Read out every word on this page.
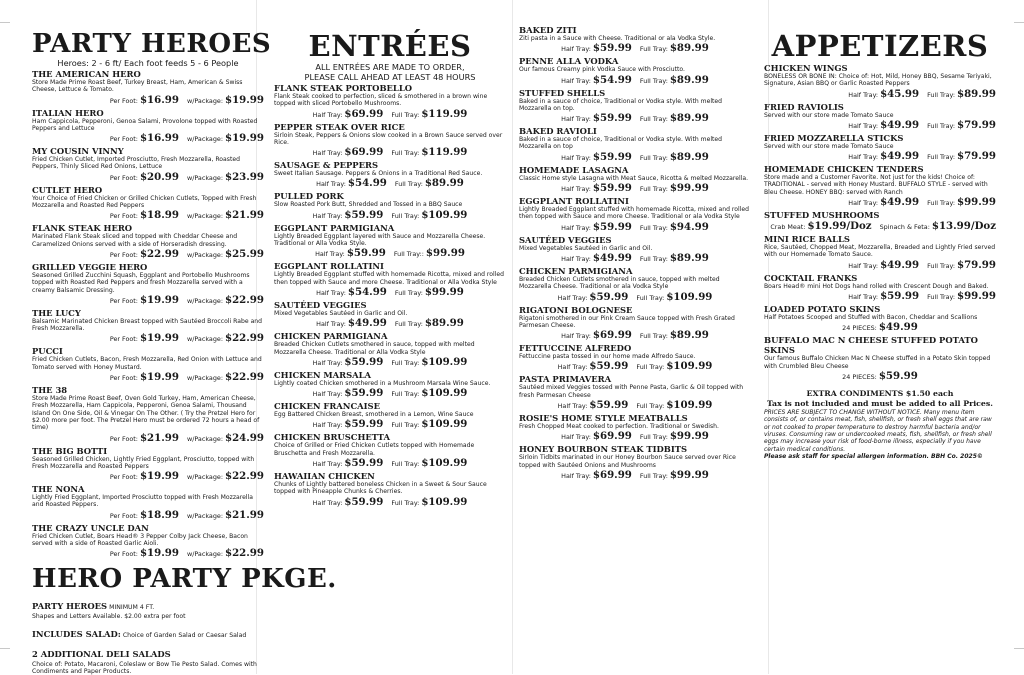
PARTY HEROES
Heroes: 2 - 6 ft/ Each foot feeds 5 - 6 People
THE AMERICAN HERO
Store Made Prime Roast Beef, Turkey Breast, Ham, American & Swiss Cheese, Lettuce & Tomato.
Per Foot: $16.99 w/Package: $19.99
ITALIAN HERO
Ham Cappicola, Pepperoni, Genoa Salami, Provolone topped with Roasted Peppers and Lettuce
Per Foot: $16.99 w/Package: $19.99
MY COUSIN VINNY
Fried Chicken Cutlet, Imported Prosciutto, Fresh Mozzarella, Roasted Peppers, Thinly Sliced Red Onions, Lettuce
Per Foot: $20.99 w/Package: $23.99
CUTLET HERO
Your Choice of Fried Chicken or Grilled Chicken Cutlets, Topped with Fresh Mozzarella and Roasted Red Peppers
Per Foot: $18.99 w/Package: $21.99
FLANK STEAK HERO
Marinated Flank Steak sliced and topped with Cheddar Cheese and Caramelized Onions served with a side of Horseradish dressing.
Per Foot: $22.99 w/Package: $25.99
GRILLED VEGGIE HERO
Seasoned Grilled Zucchini Squash, Eggplant and Portobello Mushrooms topped with Roasted Red Peppers and fresh Mozzarella served with a creamy Balsamic Dressing.
Per Foot: $19.99 w/Package: $22.99
THE LUCY
Balsamic Marinated Chicken Breast topped with Sautéed Broccoli Rabe and Fresh Mozzarella.
Per Foot: $19.99 w/Package: $22.99
PUCCI
Fried Chicken Cutlets, Bacon, Fresh Mozzarella, Red Onion with Lettuce and Tomato served with Honey Mustard.
Per Foot: $19.99 w/Package: $22.99
THE 38
Store Made Prime Roast Beef, Oven Gold Turkey, Ham, American Cheese, Fresh Mozzarella, Ham Cappicola, Pepperoni, Genoa Salami, Thousand Island On One Side, Oil & Vinegar On The Other. ( Try the Pretzel Hero for $2.00 more per foot. The Pretzel Hero must be ordered 72 hours a head of time)
Per Foot: $21.99 w/Package: $24.99
THE BIG BOTTI
Seasoned Grilled Chicken, Lightly Fried Eggplant, Prosciutto, topped with Fresh Mozzarella and Roasted Peppers
Per Foot: $19.99 w/Package: $22.99
THE NONA
Lightly Fried Eggplant, Imported Prosciutto topped with Fresh Mozzarella and Roasted Peppers.
Per Foot: $18.99 w/Package: $21.99
THE CRAZY UNCLE DAN
Fried Chicken Cutlet, Boars Head® 3 Pepper Colby Jack Cheese, Bacon served with a side of Roasted Garlic Aioli.
Per Foot: $19.99 w/Package: $22.99
HERO PARTY PKGE.
PARTY HEROES MINIMUM 4 FT.
Shapes and Letters Available. $2.00 extra per foot
INCLUDES SALAD: Choice of Garden Salad or Caesar Salad
2 ADDITIONAL DELI SALADS
Choice of: Potato, Macaroni, Coleslaw or Bow Tie Pesto Salad. Comes with Condiments and Paper Products.
ENTRÉES
ALL ENTRÉES ARE MADE TO ORDER,
PLEASE CALL AHEAD AT LEAST 48 HOURS
FLANK STEAK PORTOBELLO
Flank Steak cooked to perfection, sliced & smothered in a brown wine topped with sliced Portobello Mushrooms.
Half Tray: $69.99 Full Tray: $119.99
PEPPER STEAK OVER RICE
Sirloin Steak, Peppers & Onions slow cooked in a Brown Sauce served over Rice.
Half Tray: $69.99 Full Tray: $119.99
SAUSAGE & PEPPERS
Sweet Italian Sausage. Peppers & Onions in a Traditional Red Sauce.
Half Tray: $54.99 Full Tray: $89.99
PULLED PORK
Slow Roasted Pork Butt, Shredded and Tossed in a BBQ Sauce
Half Tray: $59.99 Full Tray: $109.99
EGGPLANT PARMIGIANA
Lightly Breaded Eggplant layered with Sauce and Mozzarella Cheese. Traditional or Alla Vodka Style.
Half Tray: $59.99 Full Tray:: $99.99
EGGPLANT ROLLATINI
Lightly Breaded Eggplant stuffed with homemade Ricotta, mixed and rolled then topped with Sauce and more Cheese. Traditional or Alla Vodka Style
Half Tray: $54.99 Full Tray: $99.99
SAUTÉED VEGGIES
Mixed Vegetables Sautéed in Garlic and Oil.
Half Tray: $49.99 Full Tray: $89.99
CHICKEN PARMIGIANA
Breaded Chicken Cutlets smothered in sauce, topped with melted Mozzarella Cheese. Traditional or Alla Vodka Style
Half Tray: $59.99 Full Tray: $109.99
CHICKEN MARSALA
Lightly coated Chicken smothered in a Mushroom Marsala Wine Sauce.
Half Tray: $59.99 Full Tray: $109.99
CHICKEN FRANCAISE
Egg Battered Chicken Breast, smothered in a Lemon, Wine Sauce
Half Tray: $59.99 Full Tray: $109.99
CHICKEN BRUSCHETTA
Choice of Grilled or Fried Chicken Cutlets topped with Homemade Bruschetta and Fresh Mozzarella.
Half Tray: $59.99 Full Tray: $109.99
HAWAIIAN CHICKEN
Chunks of Lightly battered boneless Chicken in a Sweet & Sour Sauce topped with Pineapple Chunks & Cherries.
Half Tray: $59.99 Full Tray: $109.99
BAKED ZITI
Ziti pasta in a Sauce with Cheese. Traditional or ala Vodka Style.
Half Tray: $59.99 Full Tray: $89.99
PENNE ALLA VODKA
Our famous Creamy pink Vodka Sauce with Prosciutto.
Half Tray: $54.99 Full Tray: $89.99
STUFFED SHELLS
Baked in a sauce of choice, Traditional or Vodka style. With melted Mozzarella on top.
Half Tray: $59.99 Full Tray: $89.99
BAKED RAVIOLI
Baked in a sauce of choice, Traditional or Vodka style. With melted Mozzarella on top
Half Tray: $59.99 Full Tray: $89.99
HOMEMADE LASAGNA
Classic Home style Lasagna with Meat Sauce, Ricotta & melted Mozzarella.
Half Tray: $59.99 Full Tray: $99.99
EGGPLANT ROLLATINI
Lightly Breaded Eggplant stuffed with homemade Ricotta, mixed and rolled then topped with Sauce and more Cheese. Traditional or ala Vodka Style
Half Tray: $59.99 Full Tray: $94.99
SAUTÉED VEGGIES
Mixed Vegetables Sautéed in Garlic and Oil.
Half Tray: $49.99 Full Tray: $89.99
CHICKEN PARMIGIANA
Breaded Chicken Cutlets smothered in sauce, topped with melted Mozzarella Cheese. Traditional or ala Vodka Style
Half Tray: $59.99 Full Tray: $109.99
RIGATONI BOLOGNESE
Rigatoni smothered in our Pink Cream Sauce topped with Fresh Grated Parmesan Cheese.
Half Tray: $69.99 Full Tray: $89.99
FETTUCCINE ALFREDO
Fettuccine pasta tossed in our home made Alfredo Sauce.
Half Tray: $59.99 Full Tray: $109.99
PASTA PRIMAVERA
Sautéed mixed Veggies tossed with Penne Pasta, Garlic & Oil topped with fresh Parmesan Cheese
Half Tray: $59.99 Full Tray: $109.99
ROSIE'S HOME STYLE MEATBALLS
Fresh Chopped Meat cooked to perfection. Traditional or Swedish.
Half Tray: $69.99 Full Tray: $99.99
HONEY BOURBON STEAK TIDBITS
Sirloin Tidbits marinated in our Honey Bourbon Sauce served over Rice topped with Sautéed Onions and Mushrooms
Half Tray: $69.99 Full Tray: $99.99
APPETIZERS
CHICKEN WINGS
BONELESS OR BONE IN: Choice of: Hot, Mild, Honey BBQ, Sesame Teriyaki, Signature, Asian BBQ or Garlic Roasted Peppers
Half Tray: $45.99 Full Tray: $89.99
FRIED RAVIOLIS
Served with our store made Tomato Sauce
Half Tray: $49.99 Full Tray: $79.99
FRIED MOZZARELLA STICKS
Served with our store made Tomato Sauce
Half Tray: $49.99 Full Tray: $79.99
HOMEMADE CHICKEN TENDERS
Store made and a Customer Favorite. Not just for the kids! Choice of: TRADITIONAL - served with Honey Mustard. BUFFALO STYLE - served with Bleu Cheese. HONEY BBQ: served with Ranch
Half Tray: $49.99 Full Tray: $99.99
STUFFED MUSHROOMS
Crab Meat: $19.99/Doz Spinach & Feta: $13.99/Doz
MINI RICE BALLS
Rice, Sautéed, Chopped Meat, Mozzarella, Breaded and Lightly Fried served with our Homemade Tomato Sauce.
Half Tray: $49.99 Full Tray: $79.99
COCKTAIL FRANKS
Boars Head® mini Hot Dogs hand rolled with Crescent Dough and Baked.
Half Tray: $59.99 Full Tray: $99.99
LOADED POTATO SKINS
Half Potatoes Scooped and Stuffed with Bacon, Cheddar and Scallions
24 PIECES: $49.99
BUFFALO MAC N CHEESE STUFFED POTATO SKINS
Our famous Buffalo Chicken Mac N Cheese stuffed in a Potato Skin topped with Crumbled Bleu Cheese
24 PIECES: $59.99
EXTRA CONDIMENTS $1.50 each
Tax is not included and must be added to all Prices.
PRICES ARE SUBJECT TO CHANGE WITHOUT NOTICE. Many menu item consists of, or contains meat, fish, shellfish, or fresh shell eggs that are raw or not cooked to proper temperature to destroy harmful bacteria and/or viruses. Consuming raw or undercooked meats, fish, shellfish, or fresh shell eggs may increase your risk of food-borne illness, especially if you have certain medical conditions.
Please ask staff for special allergen information. BBH Co. 2025©
